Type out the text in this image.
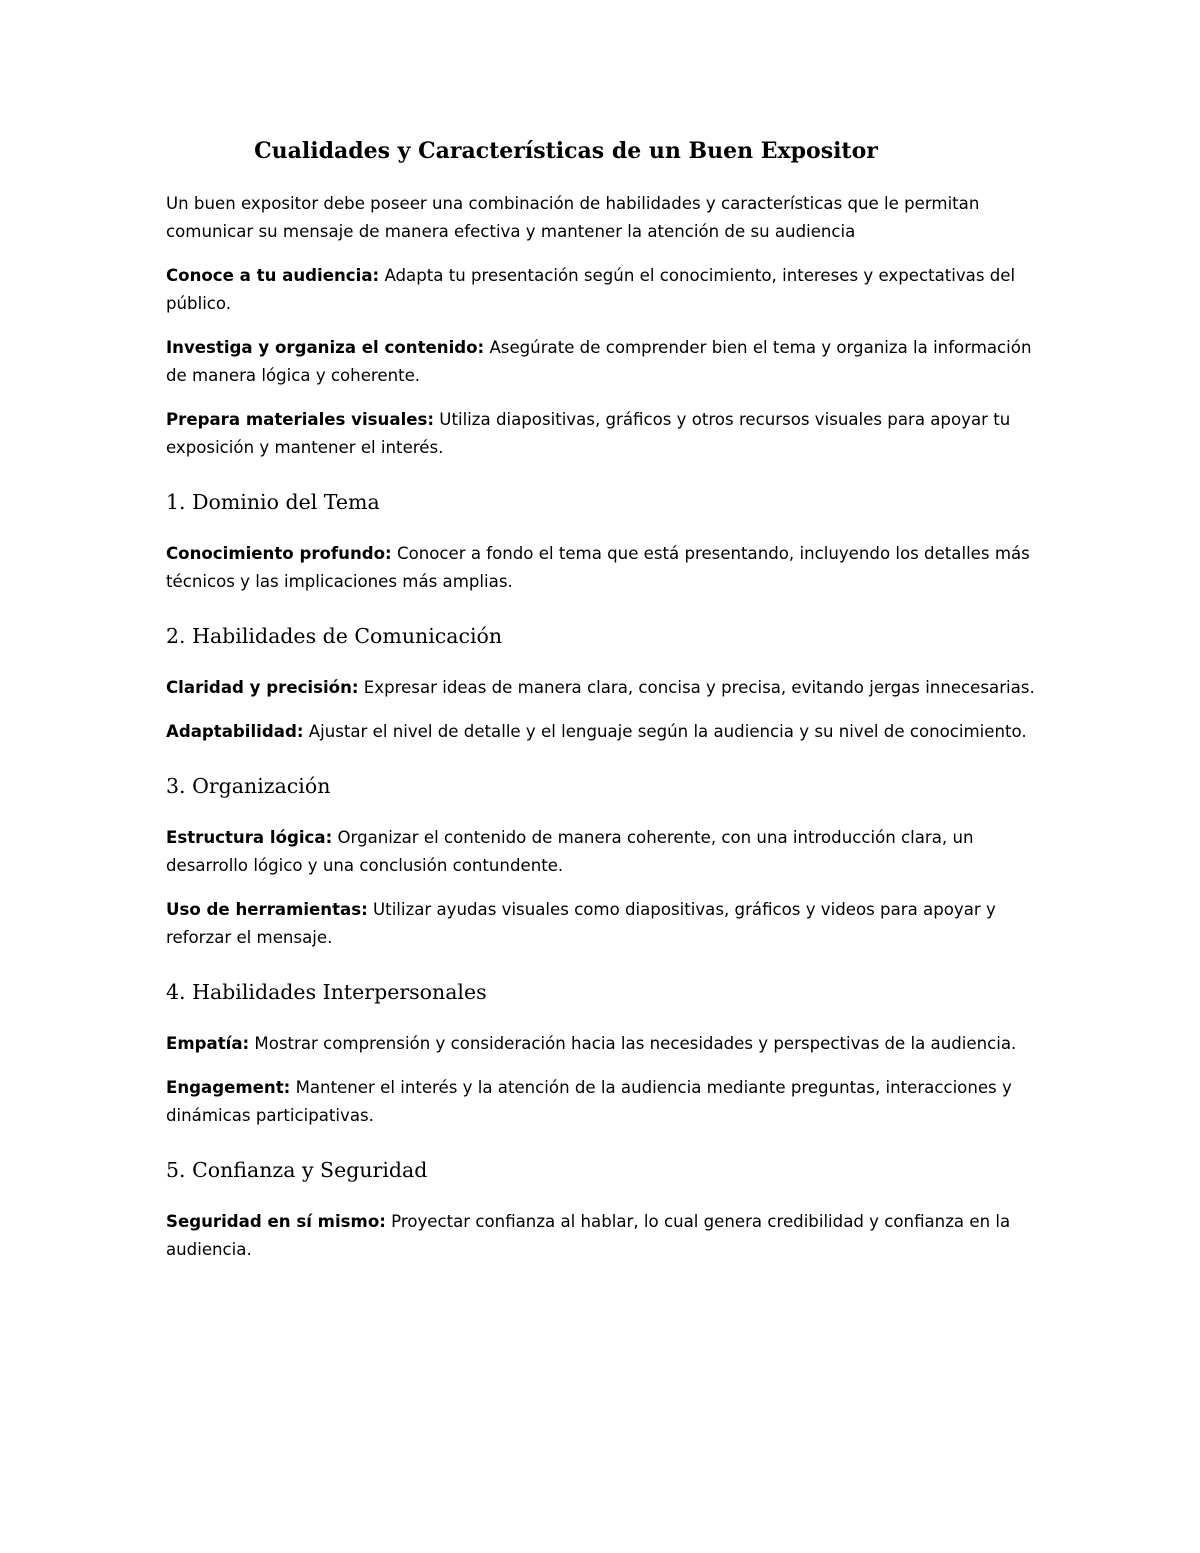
Cualidades y Características de un Buen Expositor

Un buen expositor debe poseer una combinación de habilidades y características que le permitan comunicar su mensaje de manera efectiva y mantener la atención de su audiencia

Conoce a tu audiencia: Adapta tu presentación según el conocimiento, intereses y expectativas del público.

Investiga y organiza el contenido: Asegúrate de comprender bien el tema y organiza la información de manera lógica y coherente.

Prepara materiales visuales: Utiliza diapositivas, gráficos y otros recursos visuales para apoyar tu exposición y mantener el interés.

1. Dominio del Tema

Conocimiento profundo: Conocer a fondo el tema que está presentando, incluyendo los detalles más técnicos y las implicaciones más amplias.

2. Habilidades de Comunicación

Claridad y precisión: Expresar ideas de manera clara, concisa y precisa, evitando jergas innecesarias.

Adaptabilidad: Ajustar el nivel de detalle y el lenguaje según la audiencia y su nivel de conocimiento.

3. Organización

Estructura lógica: Organizar el contenido de manera coherente, con una introducción clara, un desarrollo lógico y una conclusión contundente.

Uso de herramientas: Utilizar ayudas visuales como diapositivas, gráficos y videos para apoyar y reforzar el mensaje.

4. Habilidades Interpersonales

Empatía: Mostrar comprensión y consideración hacia las necesidades y perspectivas de la audiencia.

Engagement: Mantener el interés y la atención de la audiencia mediante preguntas, interacciones y dinámicas participativas.

5. Confianza y Seguridad

Seguridad en sí mismo: Proyectar confianza al hablar, lo cual genera credibilidad y confianza en la audiencia.
